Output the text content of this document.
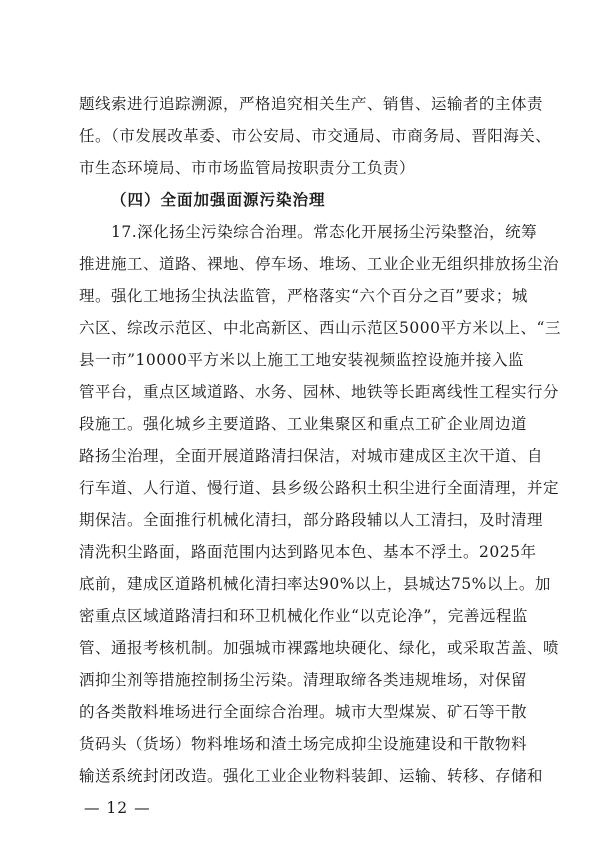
题线索进行追踪溯源，严格追究相关生产、销售、运输者的主体责
任。（市发展改革委、市公安局、市交通局、市商务局、晋阳海关、
市生态环境局、市市场监管局按职责分工负责）
（四）全面加强面源污染治理
17.深化扬尘污染综合治理。常态化开展扬尘污染整治，统筹
推进施工、道路、裸地、停车场、堆场、工业企业无组织排放扬尘治
理。强化工地扬尘执法监管，严格落实“六个百分之百”要求；城
六区、综改示范区、中北高新区、西山示范区5000平方米以上、“三
县一市”10000平方米以上施工工地安装视频监控设施并接入监
管平台，重点区域道路、水务、园林、地铁等长距离线性工程实行分
段施工。强化城乡主要道路、工业集聚区和重点工矿企业周边道
路扬尘治理，全面开展道路清扫保洁，对城市建成区主次干道、自
行车道、人行道、慢行道、县乡级公路积土积尘进行全面清理，并定
期保洁。全面推行机械化清扫，部分路段辅以人工清扫，及时清理
清洗积尘路面，路面范围内达到路见本色、基本不浮土。2025年
底前，建成区道路机械化清扫率达90%以上，县城达75%以上。加
密重点区域道路清扫和环卫机械化作业“以克论净”，完善远程监
管、通报考核机制。加强城市裸露地块硬化、绿化，或采取苫盖、喷
洒抑尘剂等措施控制扬尘污染。清理取缔各类违规堆场，对保留
的各类散料堆场进行全面综合治理。城市大型煤炭、矿石等干散
货码头（货场）物料堆场和渣土场完成抑尘设施建设和干散物料
输送系统封闭改造。强化工业企业物料装卸、运输、转移、存储和
— 12 —
